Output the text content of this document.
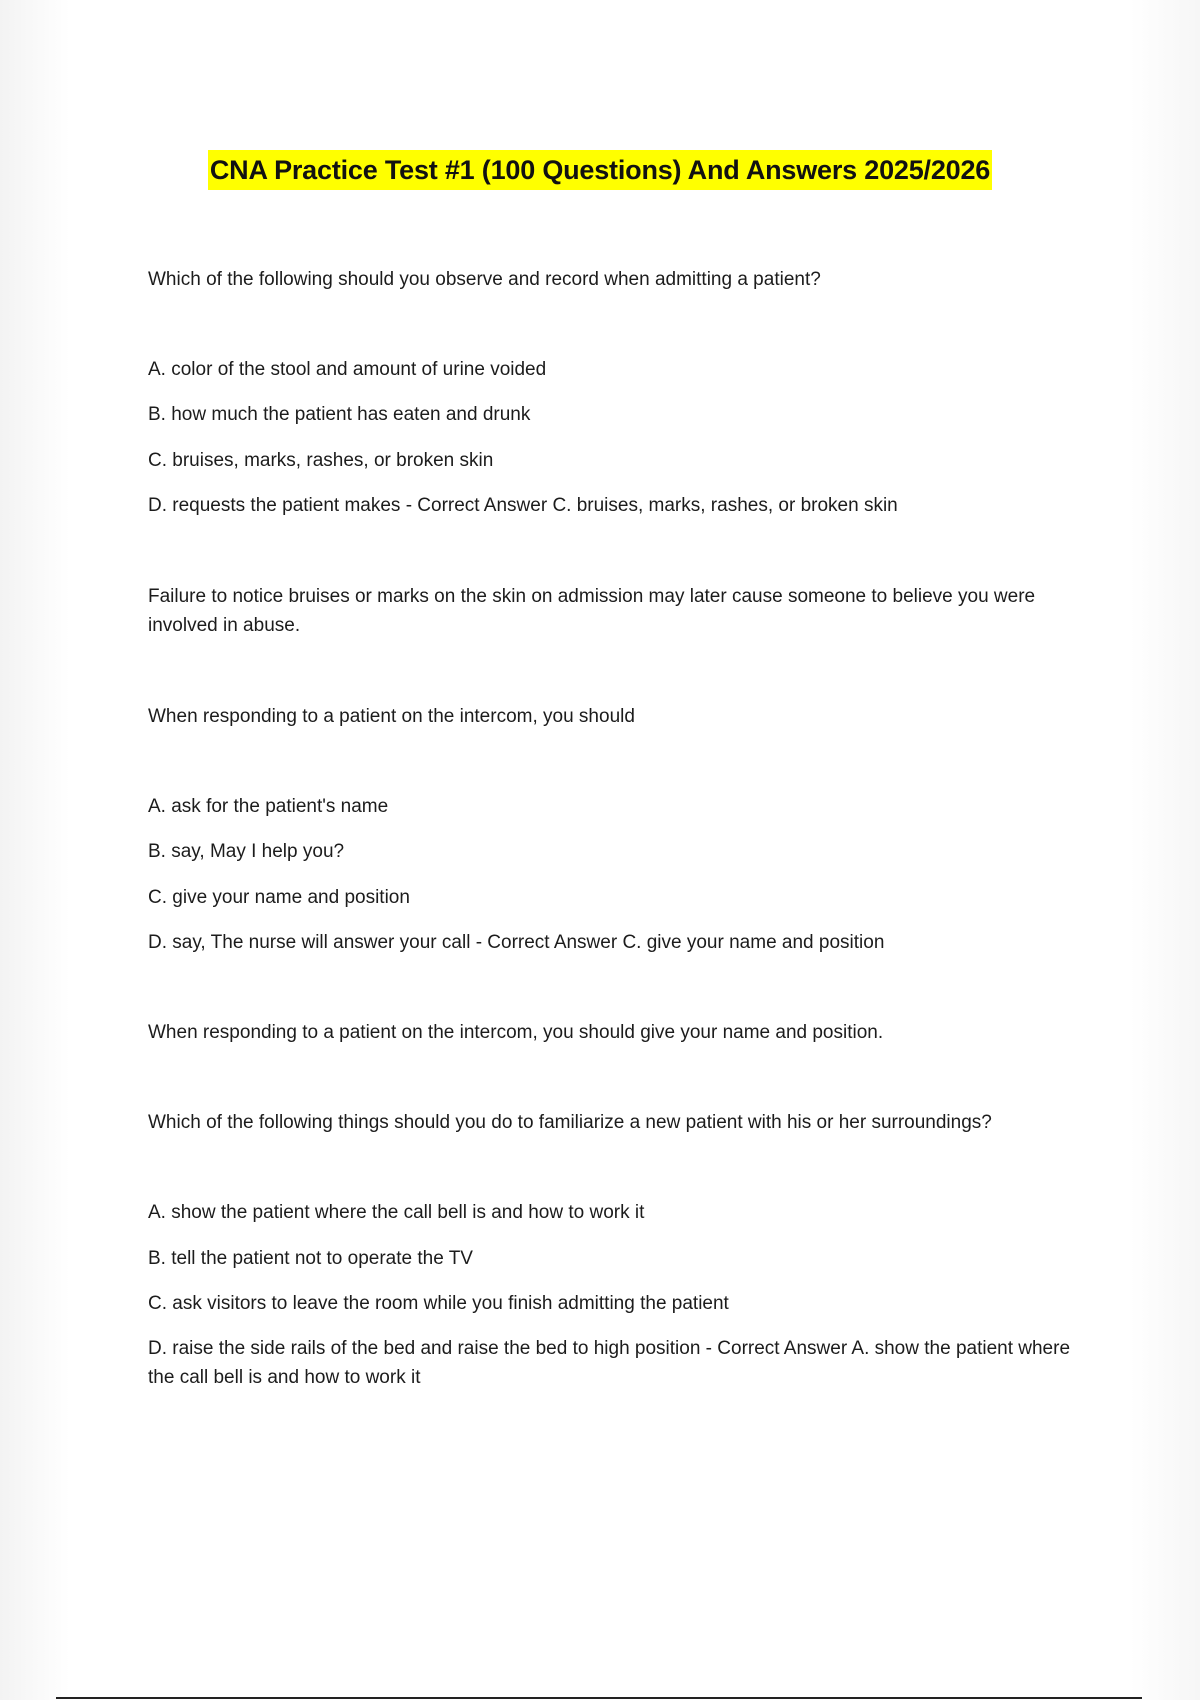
CNA Practice Test #1 (100 Questions) And Answers 2025/2026
Which of the following should you observe and record when admitting a patient?
A. color of the stool and amount of urine voided
B. how much the patient has eaten and drunk
C. bruises, marks, rashes, or broken skin
D. requests the patient makes - Correct Answer C. bruises, marks, rashes, or broken skin
Failure to notice bruises or marks on the skin on admission may later cause someone to believe you were involved in abuse.
When responding to a patient on the intercom, you should
A. ask for the patient's name
B. say, May I help you?
C. give your name and position
D. say, The nurse will answer your call - Correct Answer C. give your name and position
When responding to a patient on the intercom, you should give your name and position.
Which of the following things should you do to familiarize a new patient with his or her surroundings?
A. show the patient where the call bell is and how to work it
B. tell the patient not to operate the TV
C. ask visitors to leave the room while you finish admitting the patient
D. raise the side rails of the bed and raise the bed to high position - Correct Answer A. show the patient where the call bell is and how to work it
